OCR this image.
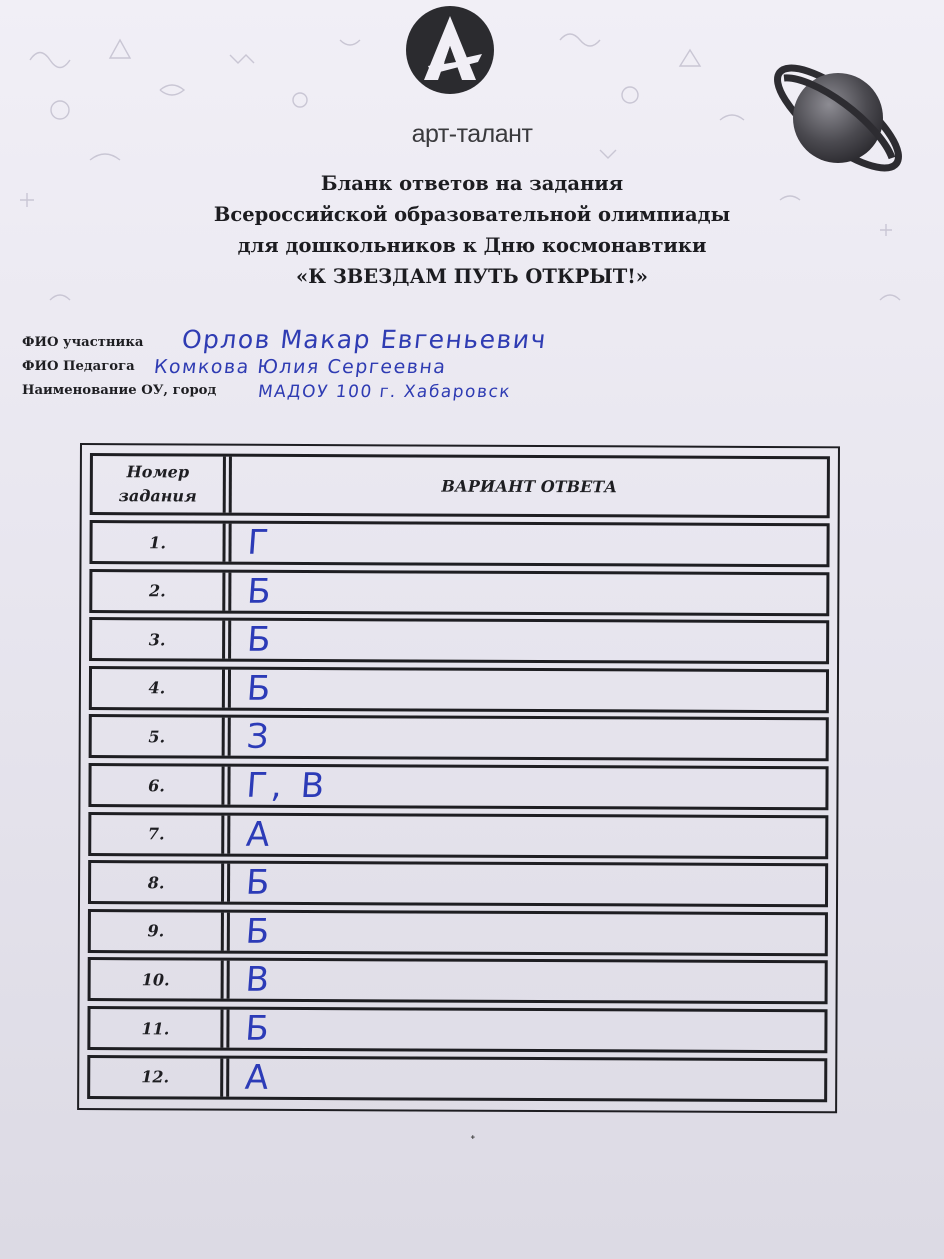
арт-талант
Бланк ответов на задания
Всероссийской образовательной олимпиады
для дошкольников к Дню космонавтики
«К ЗВЕЗДАМ ПУТЬ ОТКРЫТ!»
ФИО участника Орлов Макар Евгеньевич
ФИО Педагога Комкова Юлия Сергеевна
Наименование ОУ, город МАДОУ 100 г. Хабаровск
Номер
задания	ВАРИАНТ ОТВЕТА
1.	Г
2.	Б
3.	Б
4.	Б
5.	З
6.	Г, В
7.	А
8.	Б
9.	Б
10.	В
11.	Б
12.	А
ᐩ
